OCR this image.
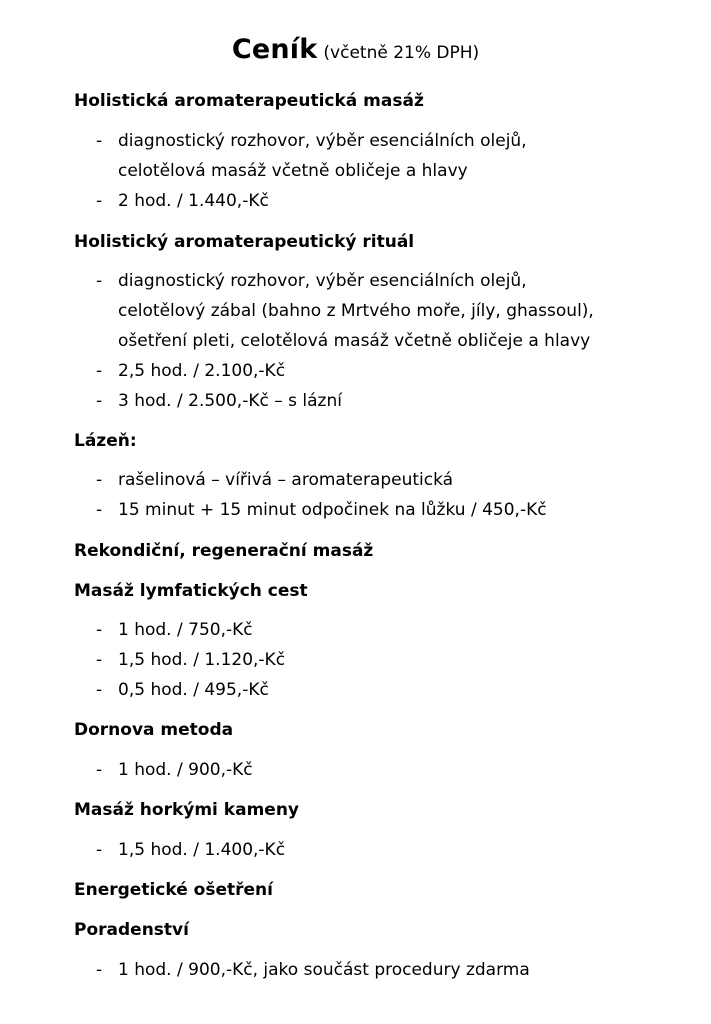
Ceník (včetně 21% DPH)
Holistická aromaterapeutická masáž
- diagnostický rozhovor, výběr esenciálních olejů,
celotělová masáž včetně obličeje a hlavy
- 2 hod. / 1.440,-Kč
Holistický aromaterapeutický rituál
- diagnostický rozhovor, výběr esenciálních olejů,
celotělový zábal (bahno z Mrtvého moře, jíly, ghassoul),
ošetření pleti, celotělová masáž včetně obličeje a hlavy
- 2,5 hod. / 2.100,-Kč
- 3 hod. / 2.500,-Kč – s lázní
Lázeň:
- rašelinová – vířivá – aromaterapeutická
- 15 minut + 15 minut odpočinek na lůžku / 450,-Kč
Rekondiční, regenerační masáž
Masáž lymfatických cest
- 1 hod. / 750,-Kč
- 1,5 hod. / 1.120,-Kč
- 0,5 hod. / 495,-Kč
Dornova metoda
- 1 hod. / 900,-Kč
Masáž horkými kameny
- 1,5 hod. / 1.400,-Kč
Energetické ošetření
Poradenství
- 1 hod. / 900,-Kč, jako součást procedury zdarma
